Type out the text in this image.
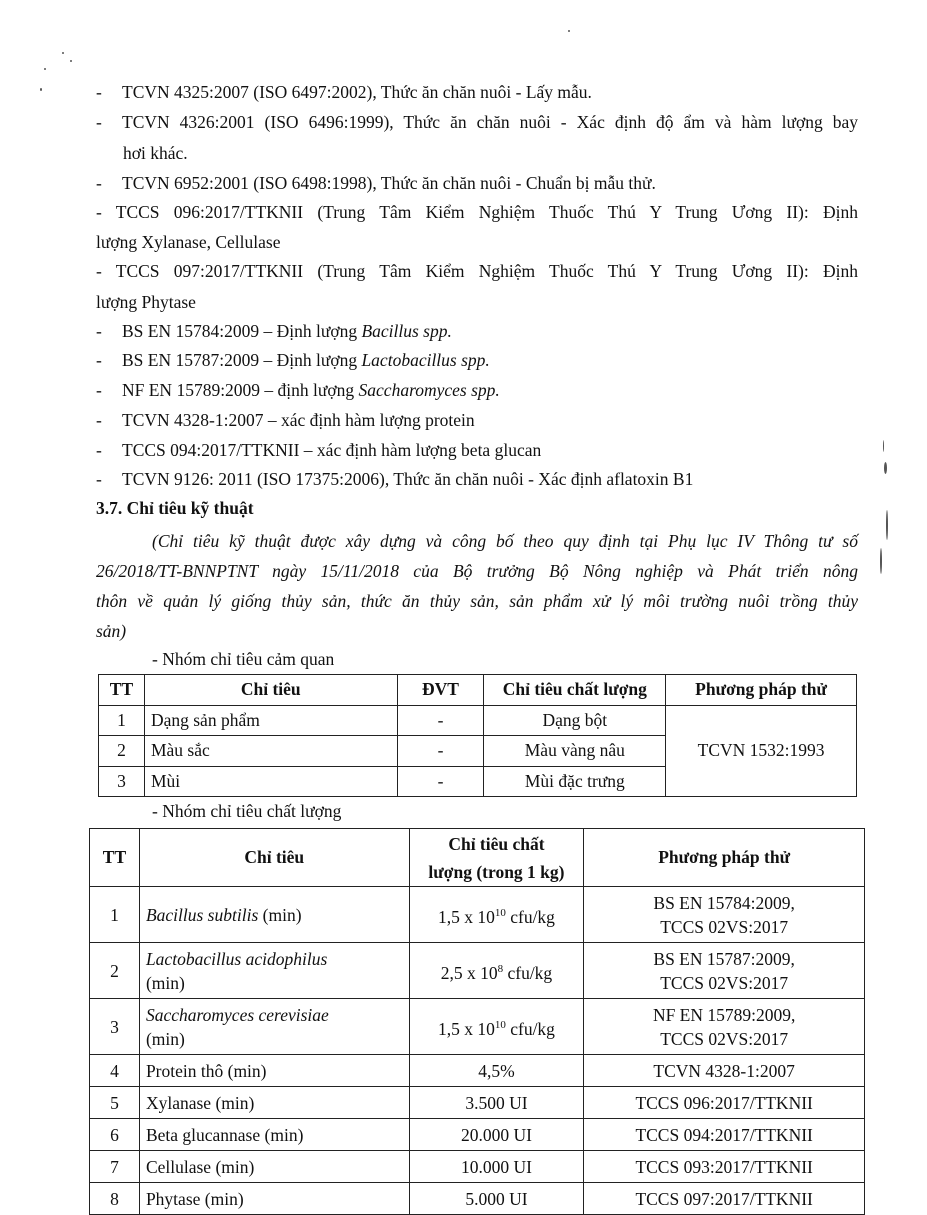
- TCVN 4325:2007 (ISO 6497:2002), Thức ăn chăn nuôi - Lấy mẫu.
- TCVN 4326:2001 (ISO 6496:1999), Thức ăn chăn nuôi - Xác định độ ẩm và hàm lượng bay
hơi khác.
- TCVN 6952:2001 (ISO 6498:1998), Thức ăn chăn nuôi - Chuẩn bị mẫu thử.
- TCCS 096:2017/TTKNII (Trung Tâm Kiểm Nghiệm Thuốc Thú Y Trung Ương II): Định
lượng Xylanase, Cellulase
- TCCS 097:2017/TTKNII (Trung Tâm Kiểm Nghiệm Thuốc Thú Y Trung Ương II): Định
lượng Phytase
- BS EN 15784:2009 – Định lượng Bacillus spp.
- BS EN 15787:2009 – Định lượng Lactobacillus spp.
- NF EN 15789:2009 – định lượng Saccharomyces spp.
- TCVN 4328-1:2007 – xác định hàm lượng protein
- TCCS 094:2017/TTKNII – xác định hàm lượng beta glucan
- TCVN 9126: 2011 (ISO 17375:2006), Thức ăn chăn nuôi - Xác định aflatoxin B1
3.7. Chỉ tiêu kỹ thuật
(Chỉ tiêu kỹ thuật được xây dựng và công bố theo quy định tại Phụ lục IV Thông tư số
26/2018/TT-BNNPTNT ngày 15/11/2018 của Bộ trưởng Bộ Nông nghiệp và Phát triển nông
thôn về quản lý giống thủy sản, thức ăn thủy sản, sản phẩm xử lý môi trường nuôi trồng thủy
sản)
- Nhóm chỉ tiêu cảm quan
TT	Chỉ tiêu	ĐVT	Chỉ tiêu chất lượng	Phương pháp thử
1	Dạng sản phẩm	-	Dạng bột	TCVN 1532:1993
2	Màu sắc	-	Màu vàng nâu	
3	Mùi	-	Mùi đặc trưng	
- Nhóm chỉ tiêu chất lượng
TT	Chỉ tiêu	Chỉ tiêu chất
lượng (trong 1 kg)	Phương pháp thử
1	Bacillus subtilis (min)	1,5 x $10^{10}$ cfu/kg	BS EN 15784:2009,
TCCS 02VS:2017
2	Lactobacillus acidophilus
(min)	2,5 x $10^8$ cfu/kg	BS EN 15787:2009,
TCCS 02VS:2017
3	Saccharomyces cerevisiae
(min)	1,5 x $10^{10}$ cfu/kg	NF EN 15789:2009,
TCCS 02VS:2017
4	Protein thô (min)	4,5%	TCVN 4328-1:2007
5	Xylanase (min)	3.500 UI	TCCS 096:2017/TTKNII
6	Beta glucannase (min)	20.000 UI	TCCS 094:2017/TTKNII
7	Cellulase (min)	10.000 UI	TCCS 093:2017/TTKNII
8	Phytase (min)	5.000 UI	TCCS 097:2017/TTKNII
